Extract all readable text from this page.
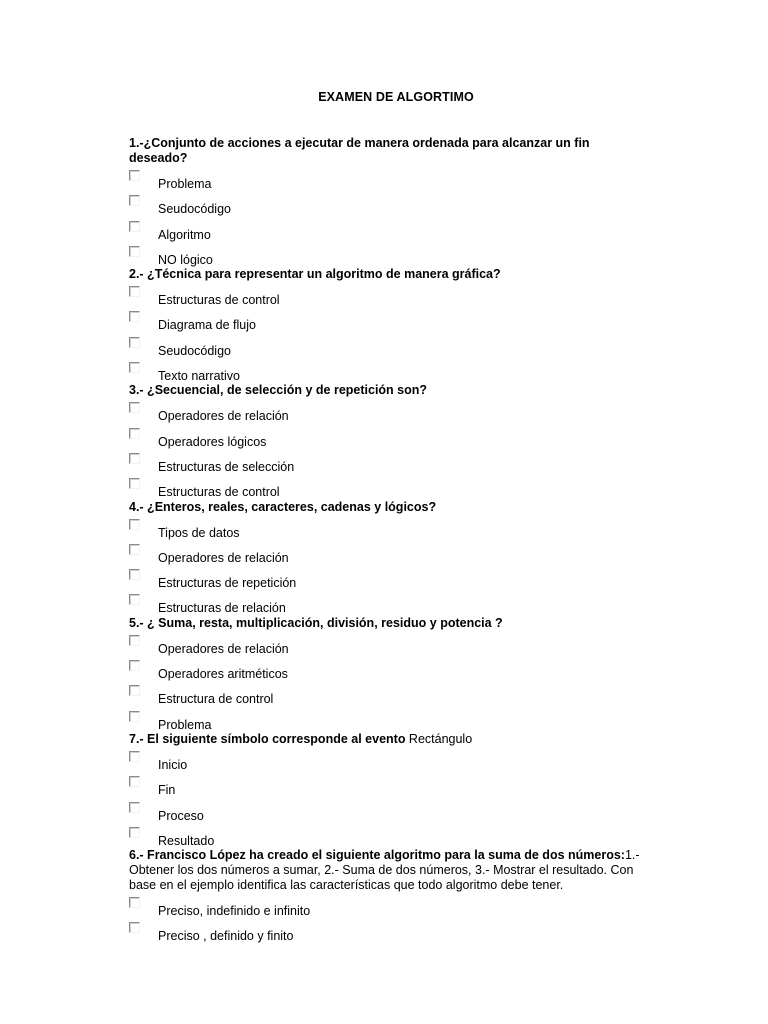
EXAMEN DE ALGORTIMO

1.-¿Conjunto de acciones a ejecutar de manera ordenada para alcanzar un fin deseado?

Problema
Seudocódigo
Algoritmo
NO lógico

2.- ¿Técnica para representar un algoritmo de manera gráfica?

Estructuras de control
Diagrama de flujo
Seudocódigo
Texto narrativo

3.- ¿Secuencial, de selección y de repetición son?

Operadores de relación
Operadores lógicos
Estructuras de selección
Estructuras de control

4.- ¿Enteros, reales, caracteres, cadenas y lógicos?

Tipos de datos
Operadores de relación
Estructuras de repetición
Estructuras de relación

5.- ¿ Suma, resta, multiplicación, división, residuo y potencia ?

Operadores de relación
Operadores aritméticos
Estructura de control
Problema

7.- El siguiente símbolo corresponde al evento Rectángulo

Inicio
Fin
Proceso
Resultado

6.- Francisco López ha creado el siguiente algoritmo para la suma de dos números:1.- Obtener los dos números a sumar, 2.- Suma de dos números, 3.- Mostrar el resultado. Con base en el ejemplo identifica las características que todo algoritmo debe tener.

Preciso, indefinido e infinito
Preciso , definido y finito
